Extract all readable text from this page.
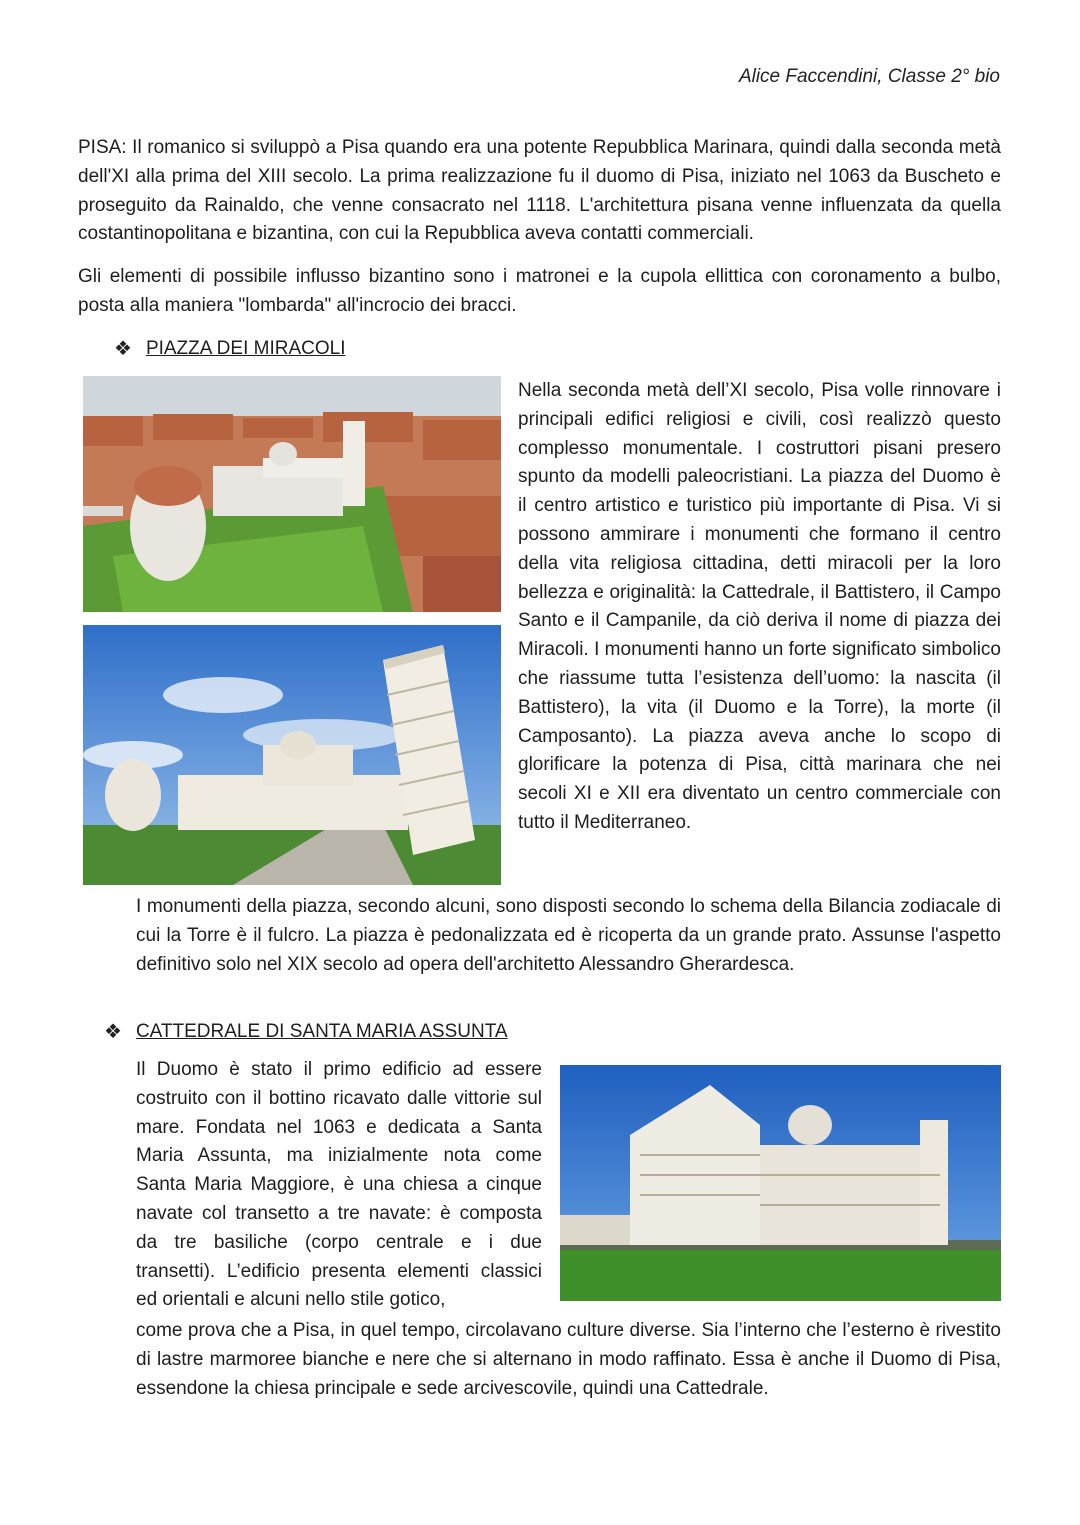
Alice Faccendini, Classe 2° bio

PISA: Il romanico si sviluppò a Pisa quando era una potente Repubblica Marinara, quindi dalla seconda metà dell'XI alla prima del XIII secolo. La prima realizzazione fu il duomo di Pisa, iniziato nel 1063 da Buscheto e proseguito da Rainaldo, che venne consacrato nel 1118. L'architettura pisana venne influenzata da quella costantinopolitana e bizantina, con cui la Repubblica aveva contatti commerciali.

Gli elementi di possibile influsso bizantino sono i matronei e la cupola ellittica con coronamento a bulbo, posta alla maniera "lombarda" all'incrocio dei bracci.

❖ PIAZZA DEI MIRACOLI

Nella seconda metà dell’XI secolo, Pisa volle rinnovare i principali edifici religiosi e civili, così realizzò questo complesso monumentale. I costruttori pisani presero spunto da modelli paleocristiani. La piazza del Duomo è il centro artistico e turistico più importante di Pisa. Vi si possono ammirare i monumenti che formano il centro della vita religiosa cittadina, detti miracoli per la loro bellezza e originalità: la Cattedrale, il Battistero, il Campo Santo e il Campanile, da ciò deriva il nome di piazza dei Miracoli. I monumenti hanno un forte significato simbolico che riassume tutta l’esistenza dell’uomo: la nascita (il Battistero), la vita (il Duomo e la Torre), la morte (il Camposanto). La piazza aveva anche lo scopo di glorificare la potenza di Pisa, città marinara che nei secoli XI e XII era diventato un centro commerciale con tutto il Mediterraneo.

I monumenti della piazza, secondo alcuni, sono disposti secondo lo schema della Bilancia zodiacale di cui la Torre è il fulcro. La piazza è pedonalizzata ed è ricoperta da un grande prato. Assunse l'aspetto definitivo solo nel XIX secolo ad opera dell'architetto Alessandro Gherardesca.

❖ CATTEDRALE DI SANTA MARIA ASSUNTA

Il Duomo è stato il primo edificio ad essere costruito con il bottino ricavato dalle vittorie sul mare. Fondata nel 1063 e dedicata a Santa Maria Assunta, ma inizialmente nota come Santa Maria Maggiore, è una chiesa a cinque navate col transetto a tre navate: è composta da tre basiliche (corpo centrale e i due transetti). L’edificio presenta elementi classici ed orientali e alcuni nello stile gotico,

come prova che a Pisa, in quel tempo, circolavano culture diverse. Sia l’interno che l’esterno è rivestito di lastre marmoree bianche e nere che si alternano in modo raffinato. Essa è anche il Duomo di Pisa, essendone la chiesa principale e sede arcivescovile, quindi una Cattedrale.
